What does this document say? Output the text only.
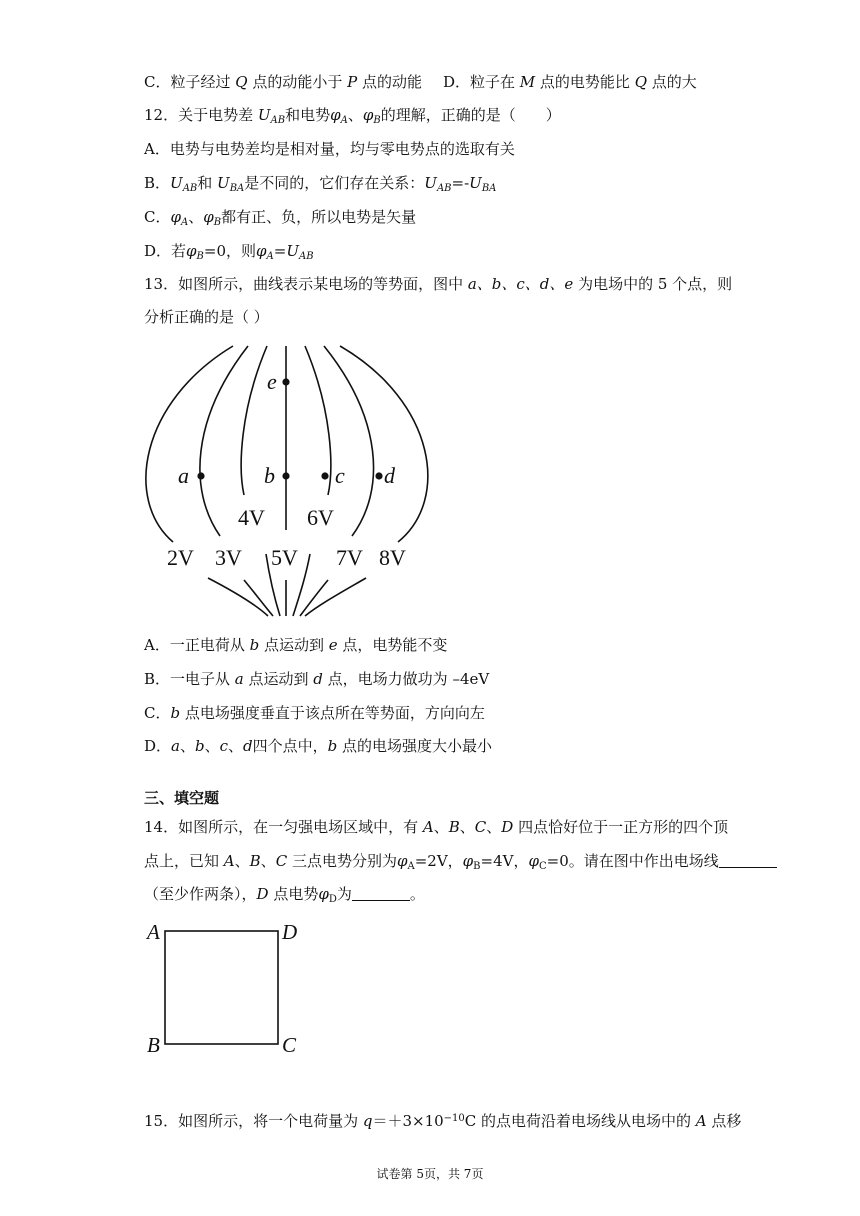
C．粒子经过 Q 点的动能小于 P 点的动能	D．粒子在 M 点的电势能比 Q 点的大
12．关于电势差 $U_{AB}$和电势$\varphi_A$、$\varphi_B$的理解，正确的是（　　）
A．电势与电势差均是相对量，均与零电势点的选取有关
B．$U_{AB}$和 $U_{BA}$是不同的，它们存在关系：$U_{AB}=-U_{BA}$
C．$\varphi_A$、$\varphi_B$都有正、负，所以电势是矢量
D．若$\varphi_B=0$，则$\varphi_A=U_{AB}$
13．如图所示，曲线表示某电场的等势面，图中 a、b、c、d、e 为电场中的 5 个点，则
分析正确的是（ ）
e
a	b	c d
4V 6V
2V 3V 5V 7V 8V
A．一正电荷从 b 点运动到 e 点，电势能不变
B．一电子从 a 点运动到 d 点，电场力做功为 –4eV
C．b 点电场强度垂直于该点所在等势面，方向向左
D．a、b、c、d四个点中，b 点的电场强度大小最小
三、填空题
14．如图所示，在一匀强电场区域中，有 A、B、C、D 四点恰好位于一正方形的四个顶
点上，已知 A、B、C 三点电势分别为$\varphi_A=2V$，$\varphi_B=4V$，$\varphi_C=0$。请在图中作出电场线
（至少作两条），D 点电势$\varphi_D$为	。
A	D
B	C
15．如图所示，将一个电荷量为 $q=+3\times 10^{-10}C$ 的点电荷沿着电场线从电场中的 A 点移
试卷第 5页，共 7页
